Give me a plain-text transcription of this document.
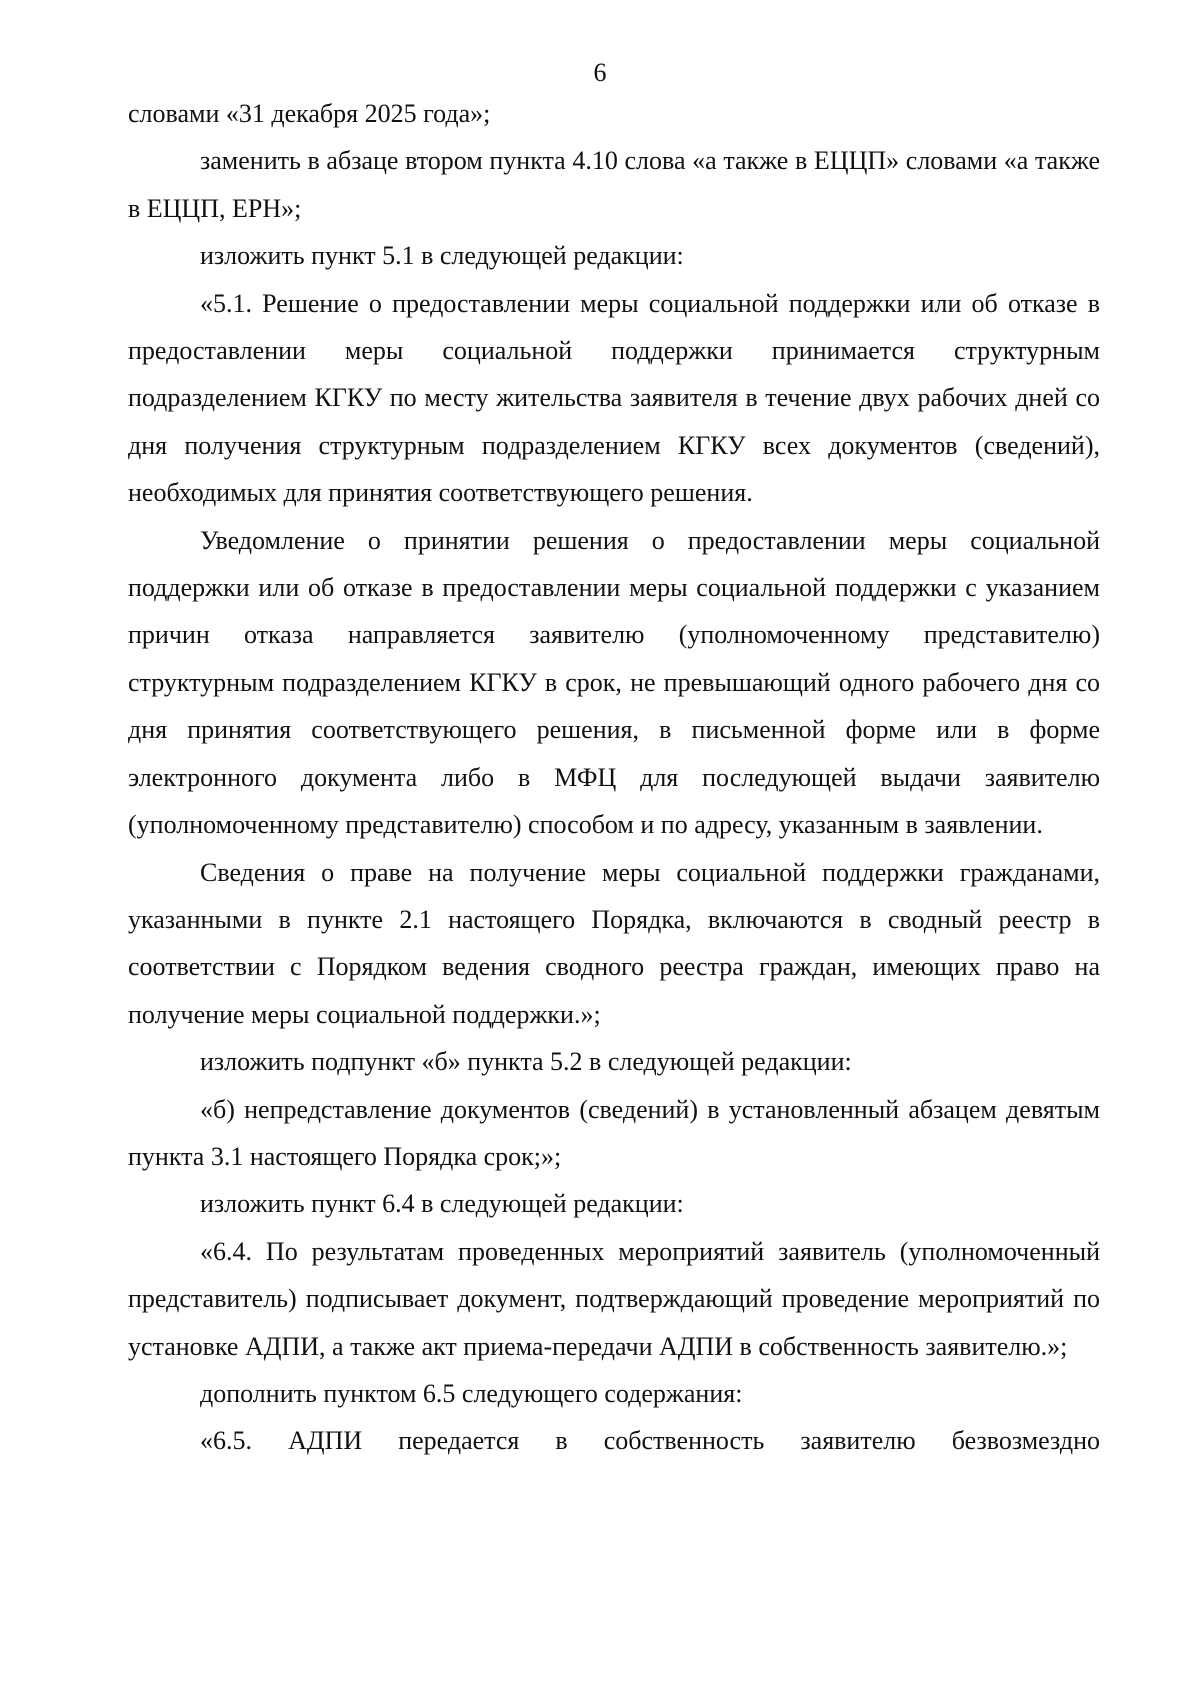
6

словами «31 декабря 2025 года»;

заменить в абзаце втором пункта 4.10 слова «а также в ЕЦЦП» словами «а также в ЕЦЦП, ЕРН»;

изложить пункт 5.1 в следующей редакции:

«5.1. Решение о предоставлении меры социальной поддержки или об отказе в предоставлении меры социальной поддержки принимается структурным подразделением КГКУ по месту жительства заявителя в течение двух рабочих дней со дня получения структурным подразделением КГКУ всех документов (сведений), необходимых для принятия соответствующего решения.

Уведомление о принятии решения о предоставлении меры социальной поддержки или об отказе в предоставлении меры социальной поддержки с указанием причин отказа направляется заявителю (уполномоченному представителю) структурным подразделением КГКУ в срок, не превышающий одного рабочего дня со дня принятия соответствующего решения, в письменной форме или в форме электронного документа либо в МФЦ для последующей выдачи заявителю (уполномоченному представителю) способом и по адресу, указанным в заявлении.

Сведения о праве на получение меры социальной поддержки гражданами, указанными в пункте 2.1 настоящего Порядка, включаются в сводный реестр в соответствии с Порядком ведения сводного реестра граждан, имеющих право на получение меры социальной поддержки.»;

изложить подпункт «б» пункта 5.2 в следующей редакции:

«б) непредставление документов (сведений) в установленный абзацем девятым пункта 3.1 настоящего Порядка срок;»;

изложить пункт 6.4 в следующей редакции:

«6.4. По результатам проведенных мероприятий заявитель (уполномоченный представитель) подписывает документ, подтверждающий проведение мероприятий по установке АДПИ, а также акт приема-передачи АДПИ в собственность заявителю.»;

дополнить пунктом 6.5 следующего содержания:

«6.5. АДПИ передается в собственность заявителю безвозмездно
